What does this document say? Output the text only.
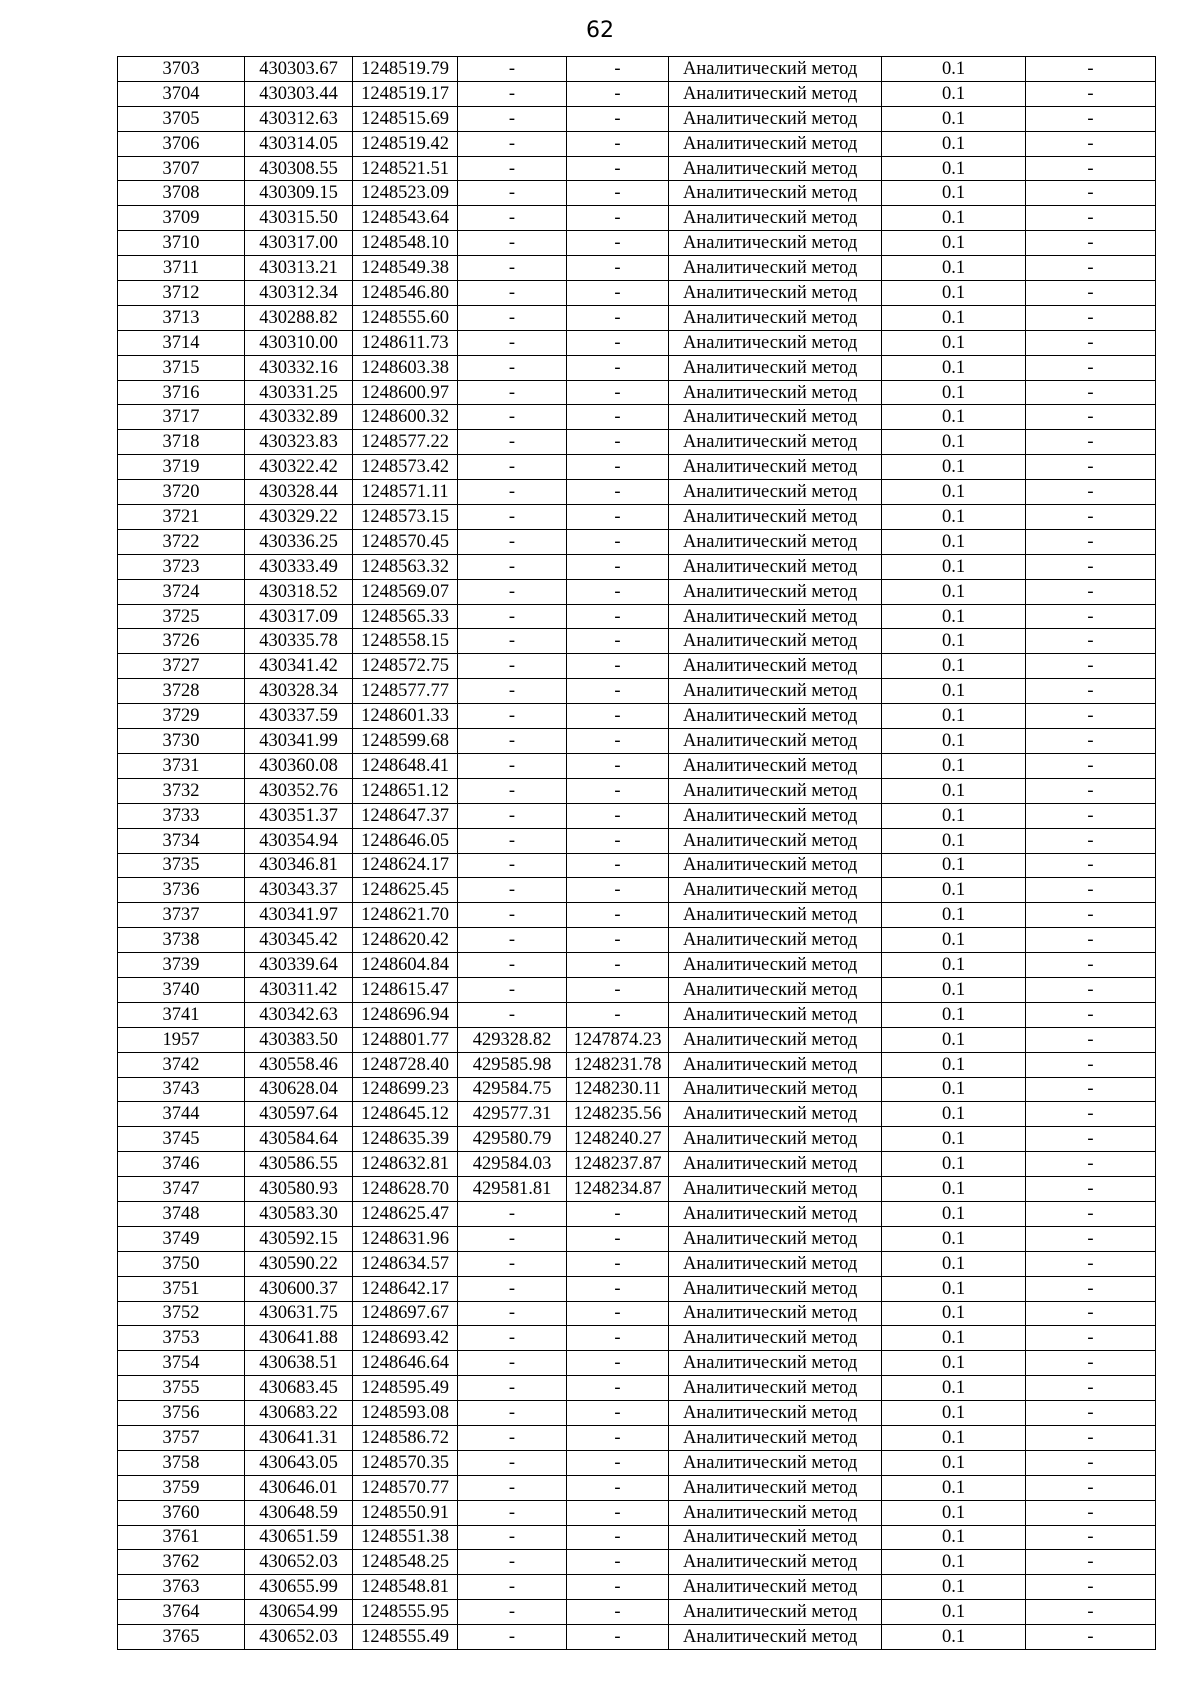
62
3703	430303.67	1248519.79	-	-	Аналитический метод	0.1	-
3704	430303.44	1248519.17	-	-	Аналитический метод	0.1	-
3705	430312.63	1248515.69	-	-	Аналитический метод	0.1	-
3706	430314.05	1248519.42	-	-	Аналитический метод	0.1	-
3707	430308.55	1248521.51	-	-	Аналитический метод	0.1	-
3708	430309.15	1248523.09	-	-	Аналитический метод	0.1	-
3709	430315.50	1248543.64	-	-	Аналитический метод	0.1	-
3710	430317.00	1248548.10	-	-	Аналитический метод	0.1	-
3711	430313.21	1248549.38	-	-	Аналитический метод	0.1	-
3712	430312.34	1248546.80	-	-	Аналитический метод	0.1	-
3713	430288.82	1248555.60	-	-	Аналитический метод	0.1	-
3714	430310.00	1248611.73	-	-	Аналитический метод	0.1	-
3715	430332.16	1248603.38	-	-	Аналитический метод	0.1	-
3716	430331.25	1248600.97	-	-	Аналитический метод	0.1	-
3717	430332.89	1248600.32	-	-	Аналитический метод	0.1	-
3718	430323.83	1248577.22	-	-	Аналитический метод	0.1	-
3719	430322.42	1248573.42	-	-	Аналитический метод	0.1	-
3720	430328.44	1248571.11	-	-	Аналитический метод	0.1	-
3721	430329.22	1248573.15	-	-	Аналитический метод	0.1	-
3722	430336.25	1248570.45	-	-	Аналитический метод	0.1	-
3723	430333.49	1248563.32	-	-	Аналитический метод	0.1	-
3724	430318.52	1248569.07	-	-	Аналитический метод	0.1	-
3725	430317.09	1248565.33	-	-	Аналитический метод	0.1	-
3726	430335.78	1248558.15	-	-	Аналитический метод	0.1	-
3727	430341.42	1248572.75	-	-	Аналитический метод	0.1	-
3728	430328.34	1248577.77	-	-	Аналитический метод	0.1	-
3729	430337.59	1248601.33	-	-	Аналитический метод	0.1	-
3730	430341.99	1248599.68	-	-	Аналитический метод	0.1	-
3731	430360.08	1248648.41	-	-	Аналитический метод	0.1	-
3732	430352.76	1248651.12	-	-	Аналитический метод	0.1	-
3733	430351.37	1248647.37	-	-	Аналитический метод	0.1	-
3734	430354.94	1248646.05	-	-	Аналитический метод	0.1	-
3735	430346.81	1248624.17	-	-	Аналитический метод	0.1	-
3736	430343.37	1248625.45	-	-	Аналитический метод	0.1	-
3737	430341.97	1248621.70	-	-	Аналитический метод	0.1	-
3738	430345.42	1248620.42	-	-	Аналитический метод	0.1	-
3739	430339.64	1248604.84	-	-	Аналитический метод	0.1	-
3740	430311.42	1248615.47	-	-	Аналитический метод	0.1	-
3741	430342.63	1248696.94	-	-	Аналитический метод	0.1	-
1957	430383.50	1248801.77	429328.82	1247874.23	Аналитический метод	0.1	-
3742	430558.46	1248728.40	429585.98	1248231.78	Аналитический метод	0.1	-
3743	430628.04	1248699.23	429584.75	1248230.11	Аналитический метод	0.1	-
3744	430597.64	1248645.12	429577.31	1248235.56	Аналитический метод	0.1	-
3745	430584.64	1248635.39	429580.79	1248240.27	Аналитический метод	0.1	-
3746	430586.55	1248632.81	429584.03	1248237.87	Аналитический метод	0.1	-
3747	430580.93	1248628.70	429581.81	1248234.87	Аналитический метод	0.1	-
3748	430583.30	1248625.47	-	-	Аналитический метод	0.1	-
3749	430592.15	1248631.96	-	-	Аналитический метод	0.1	-
3750	430590.22	1248634.57	-	-	Аналитический метод	0.1	-
3751	430600.37	1248642.17	-	-	Аналитический метод	0.1	-
3752	430631.75	1248697.67	-	-	Аналитический метод	0.1	-
3753	430641.88	1248693.42	-	-	Аналитический метод	0.1	-
3754	430638.51	1248646.64	-	-	Аналитический метод	0.1	-
3755	430683.45	1248595.49	-	-	Аналитический метод	0.1	-
3756	430683.22	1248593.08	-	-	Аналитический метод	0.1	-
3757	430641.31	1248586.72	-	-	Аналитический метод	0.1	-
3758	430643.05	1248570.35	-	-	Аналитический метод	0.1	-
3759	430646.01	1248570.77	-	-	Аналитический метод	0.1	-
3760	430648.59	1248550.91	-	-	Аналитический метод	0.1	-
3761	430651.59	1248551.38	-	-	Аналитический метод	0.1	-
3762	430652.03	1248548.25	-	-	Аналитический метод	0.1	-
3763	430655.99	1248548.81	-	-	Аналитический метод	0.1	-
3764	430654.99	1248555.95	-	-	Аналитический метод	0.1	-
3765	430652.03	1248555.49	-	-	Аналитический метод	0.1	-
